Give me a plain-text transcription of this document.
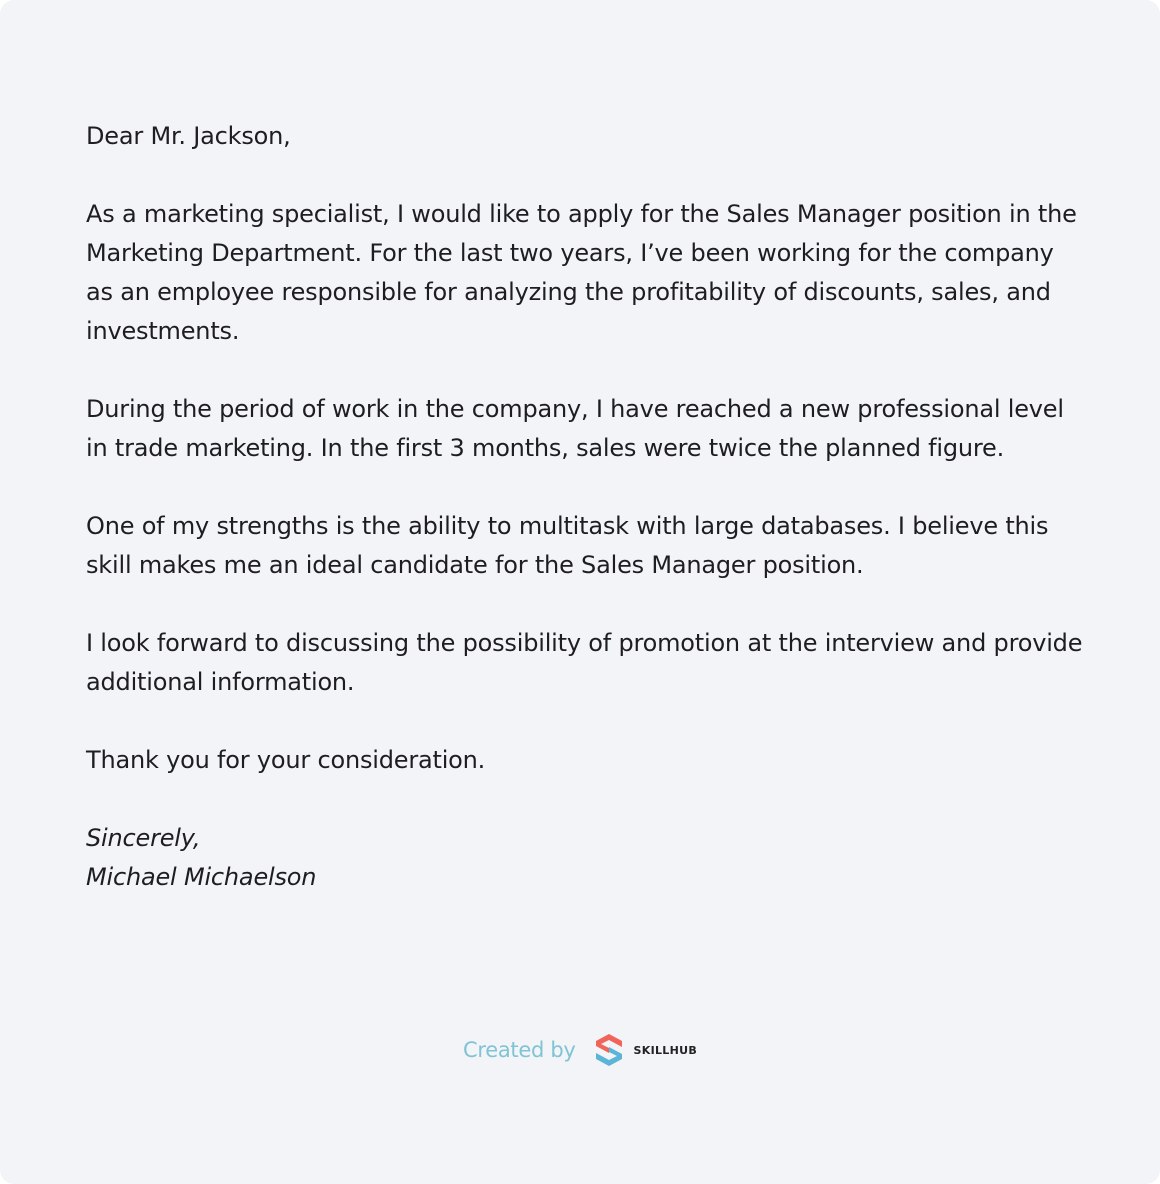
Dear Mr. Jackson,

As a marketing specialist, I would like to apply for the Sales Manager position in the Marketing Department. For the last two years, I’ve been working for the company as an employee responsible for analyzing the profitability of discounts, sales, and investments.

During the period of work in the company, I have reached a new professional level in trade marketing. In the first 3 months, sales were twice the planned figure.

One of my strengths is the ability to multitask with large databases. I believe this skill makes me an ideal candidate for the Sales Manager position.

I look forward to discussing the possibility of promotion at the interview and provide additional information.

Thank you for your consideration.

Sincerely,
Michael Michaelson

Created by	SKILLHUB
